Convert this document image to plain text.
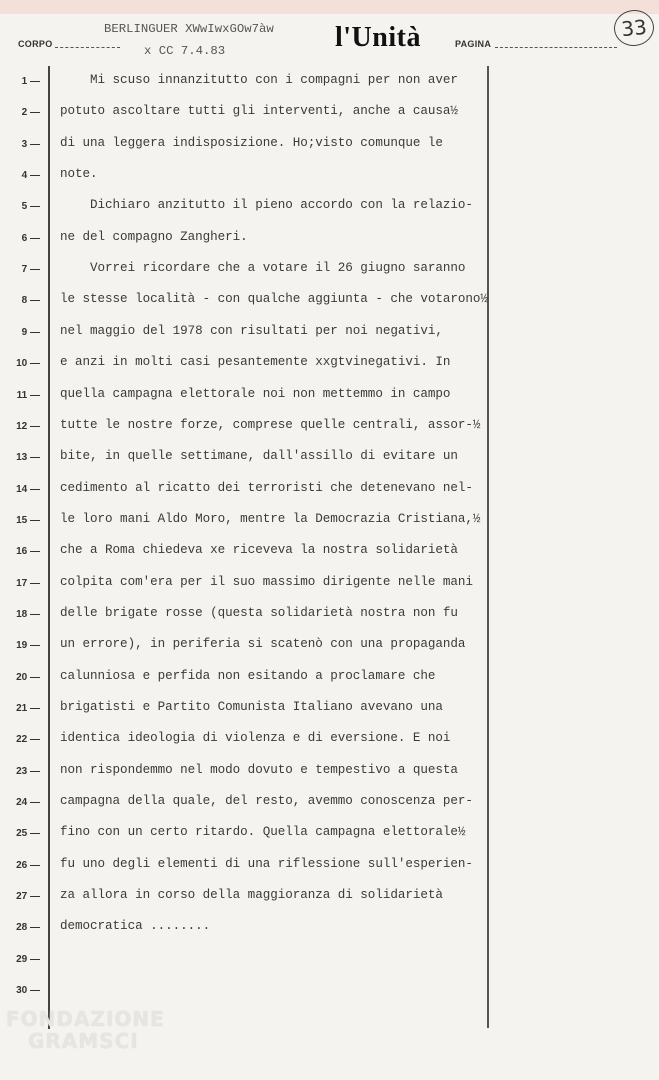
CORPO
BERLINGUER XWwIwxGOw7àw
x CC 7.4.83	l'Unità	PAGINA
33
1 —
2 —
3 —
4 —
5 —
6 —
7 —
8 —
9 —
10 —
11 —
12 —
13 —
14 —
15 —
16 —
17 —
18 —
19 —
20 —
21 —
22 —
23 —
24 —
25 —
26 —
27 —
28 —
29 —
30 —
Mi scuso innanzitutto con i compagni per non aver
potuto ascoltare tutti gli interventi, anche a causa½
di una leggera indisposizione. Ho;visto comunque le
note.
Dichiaro anzitutto il pieno accordo con la relazio-
ne del compagno Zangheri.
Vorrei ricordare che a votare il 26 giugno saranno
le stesse località - con qualche aggiunta - che votarono½
nel maggio del 1978 con risultati per noi negativi,
e anzi in molti casi pesantemente xxgtvinegativi. In
quella campagna elettorale noi non mettemmo in campo
tutte le nostre forze, comprese quelle centrali, assor-½
bite, in quelle settimane, dall'assillo di evitare un
cedimento al ricatto dei terroristi che detenevano nel-
le loro mani Aldo Moro, mentre la Democrazia Cristiana,½
che a Roma chiedeva xe riceveva la nostra solidarietà
colpita com'era per il suo massimo dirigente nelle mani
delle brigate rosse (questa solidarietà nostra non fu
un errore), in periferia si scatenò con una propaganda
calunniosa e perfida non esitando a proclamare che
brigatisti e Partito Comunista Italiano avevano una
identica ideologia di violenza e di eversione. E noi
non rispondemmo nel modo dovuto e tempestivo a questa
campagna della quale, del resto, avemmo conoscenza per-
fino con un certo ritardo. Quella campagna elettorale½
fu uno degli elementi di una riflessione sull'esperien-
za allora in corso della maggioranza di solidarietà
democratica ........
FONDAZIONE
GRAMSCI
